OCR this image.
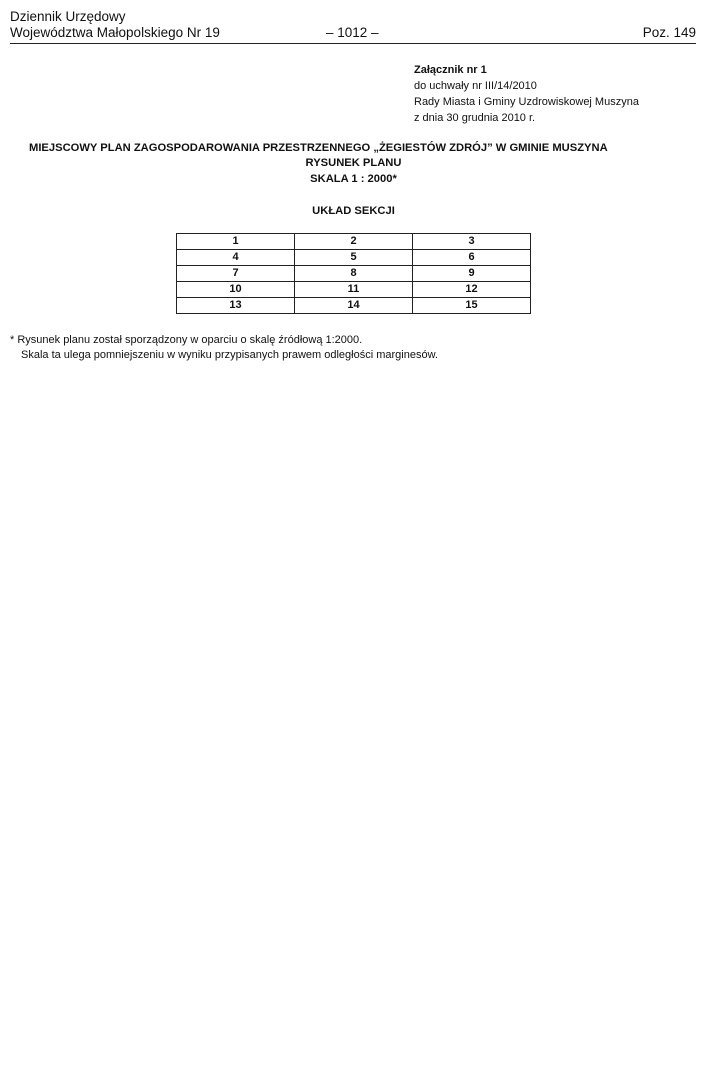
Dziennik Urzędowy
Województwa Małopolskiego Nr 19	– 1012 –	Poz. 149
Załącznik nr 1
do uchwały nr III/14/2010
Rady Miasta i Gminy Uzdrowiskowej Muszyna
z dnia 30 grudnia 2010 r.
MIEJSCOWY PLAN ZAGOSPODAROWANIA PRZESTRZENNEGO „ŻEGIESTÓW ZDRÓJ” W GMINIE MUSZYNA
RYSUNEK PLANU
SKALA 1 : 2000*
UKŁAD SEKCJI
1	2	3
4	5	6
7	8	9
10	11	12
13	14	15
* Rysunek planu został sporządzony w oparciu o skalę źródłową 1:2000.
Skala ta ulega pomniejszeniu w wyniku przypisanych prawem odległości marginesów.
